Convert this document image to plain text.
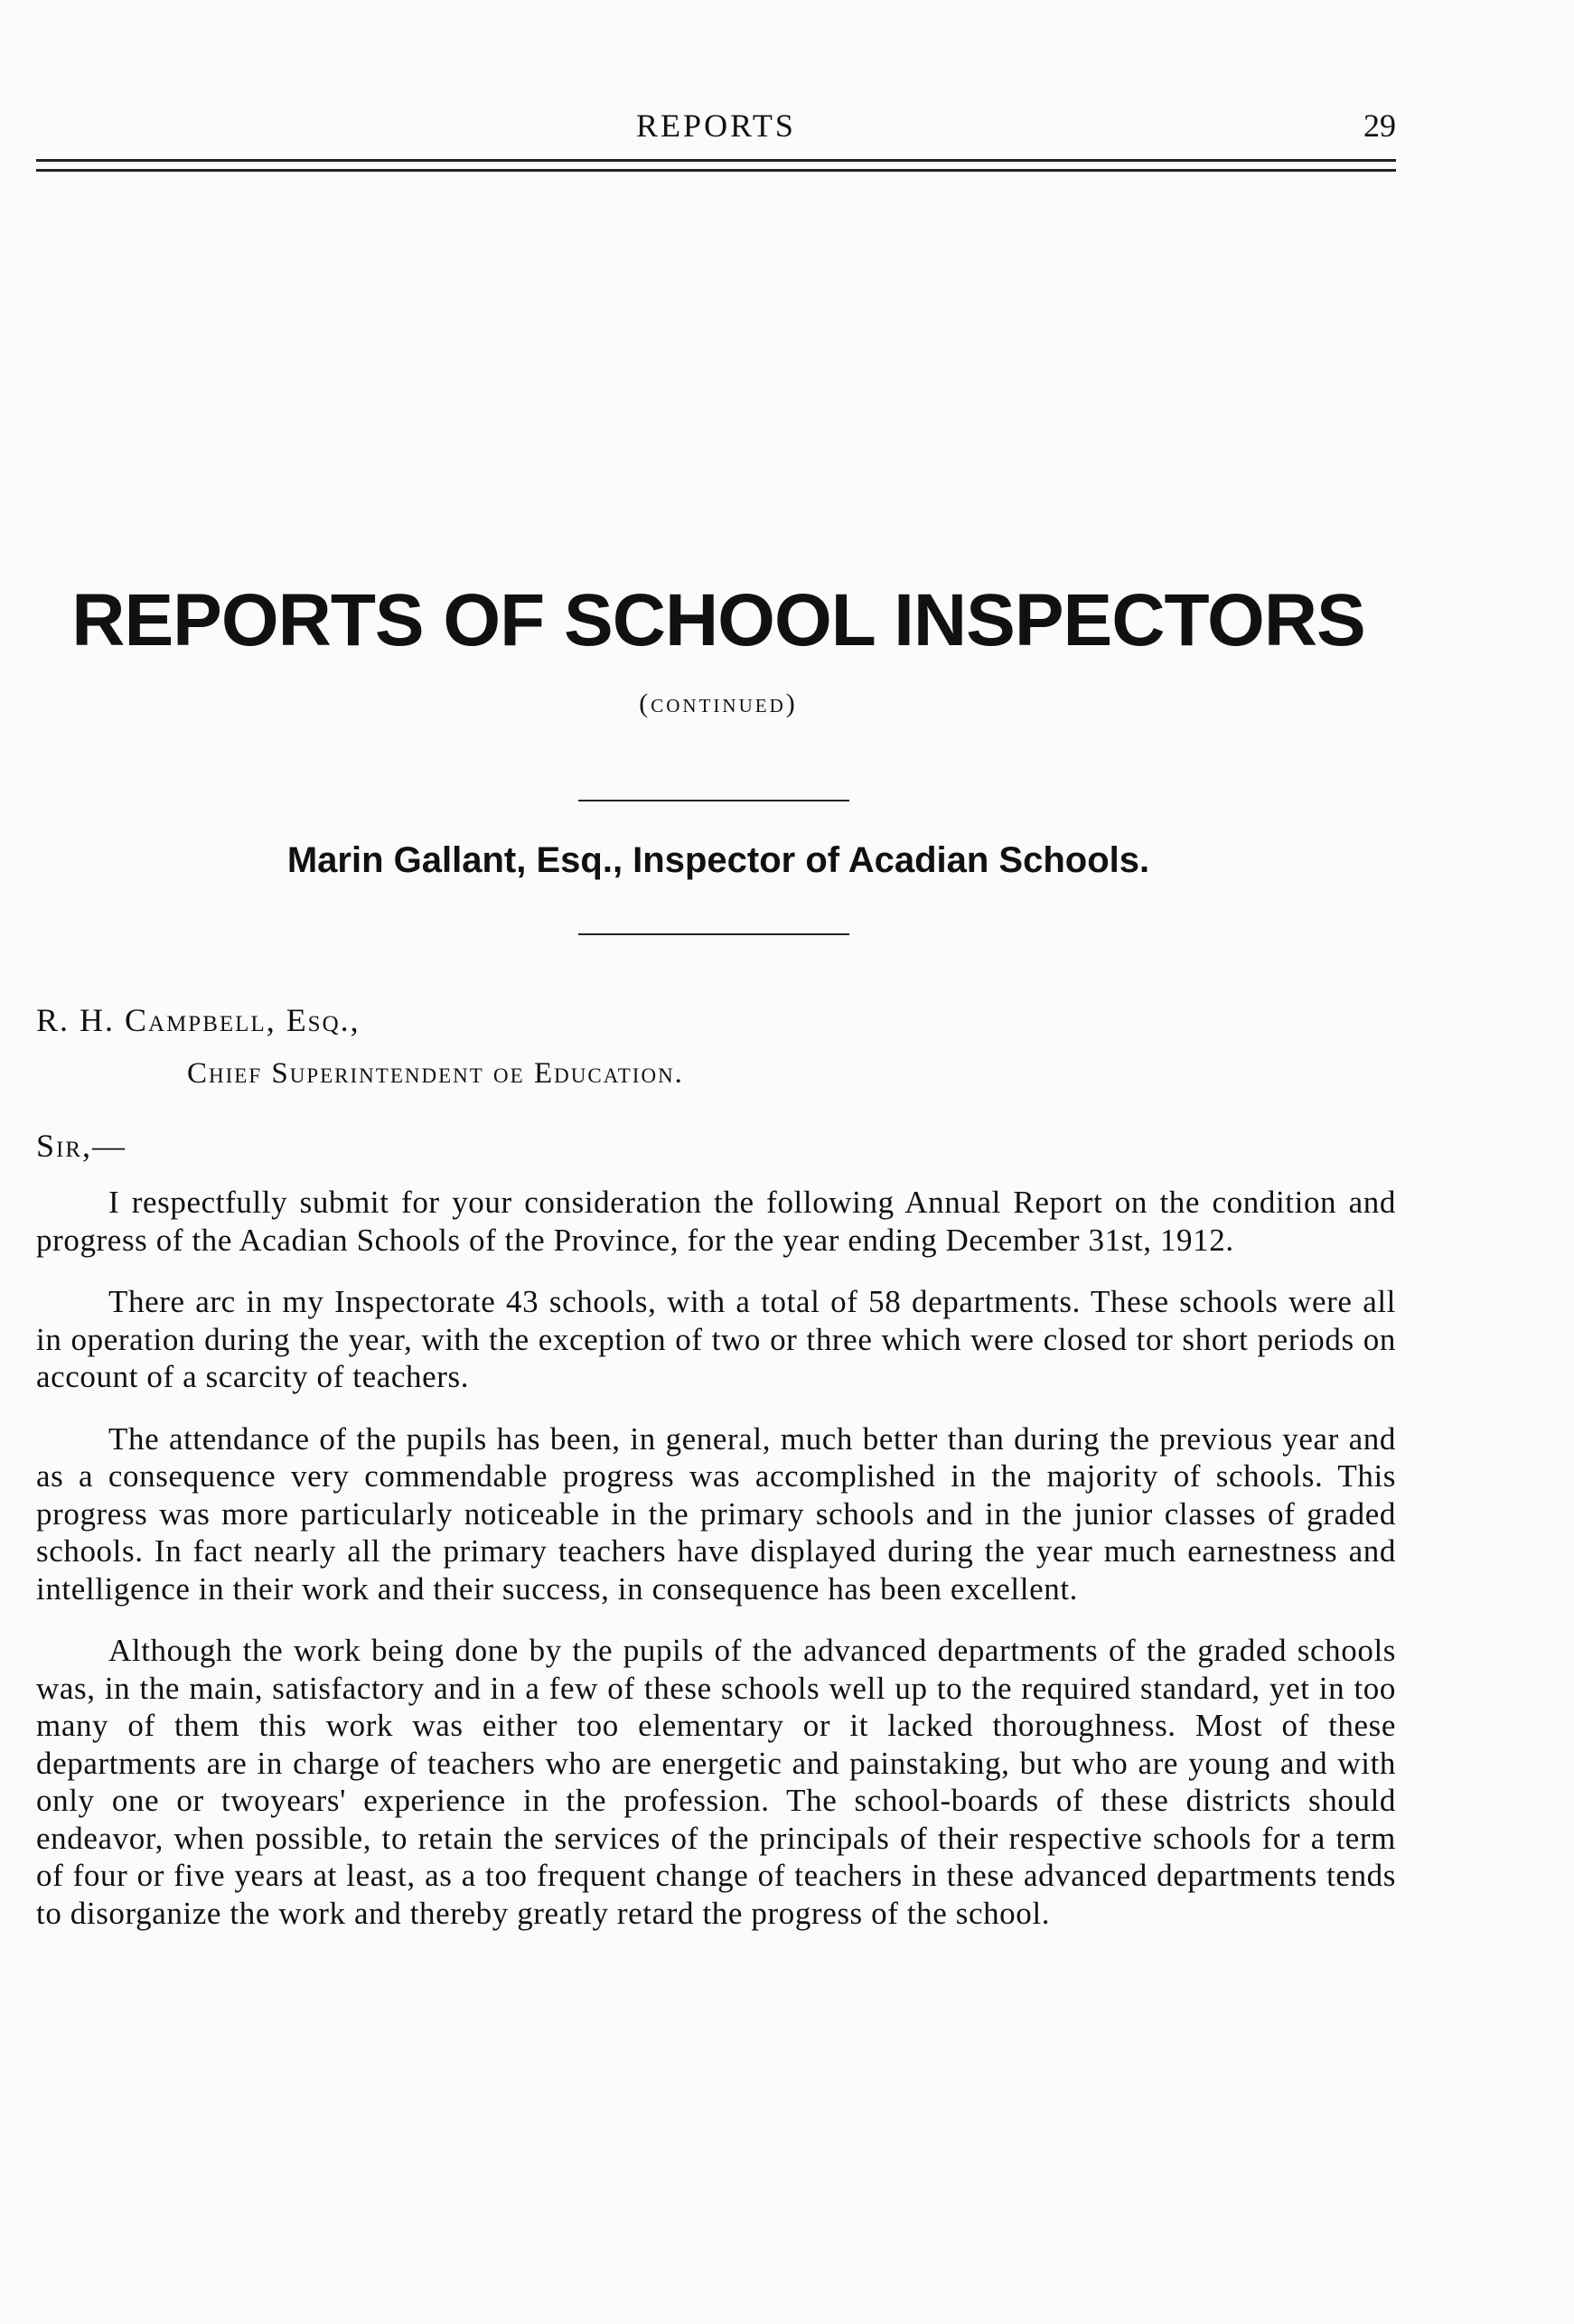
REPORTS	29
REPORTS OF SCHOOL INSPECTORS
(continued)
Marin Gallant, Esq., Inspector of Acadian Schools.
R. H. Campbell, Esq.,
Chief Superintendent oe Education.
Sir,—

I respectfully submit for your consideration the following Annual Report on the condition and progress of the Acadian Schools of the Province, for the year ending December 31st, 1912.

There arc in my Inspectorate 43 schools, with a total of 58 departments. These schools were all in operation during the year, with the exception of two or three which were closed tor short periods on account of a scarcity of teachers.

The attendance of the pupils has been, in general, much better than during the previous year and as a consequence very commendable progress was accomplished in the majority of schools. This progress was more particularly noticeable in the primary schools and in the junior classes of graded schools. In fact nearly all the primary teachers have displayed during the year much earnestness and intelligence in their work and their success, in consequence has been excellent.

Although the work being done by the pupils of the advanced departments of the graded schools was, in the main, satisfactory and in a few of these schools well up to the required standard, yet in too many of them this work was either too elementary or it lacked thoroughness. Most of these departments are in charge of teachers who are energetic and painstaking, but who are young and with only one or twoyears' experience in the profession. The school-boards of these districts should endeavor, when possible, to retain the services of the principals of their respective schools for a term of four or five years at least, as a too frequent change of teachers in these advanced departments tends to disorganize the work and thereby greatly retard the progress of the school.
